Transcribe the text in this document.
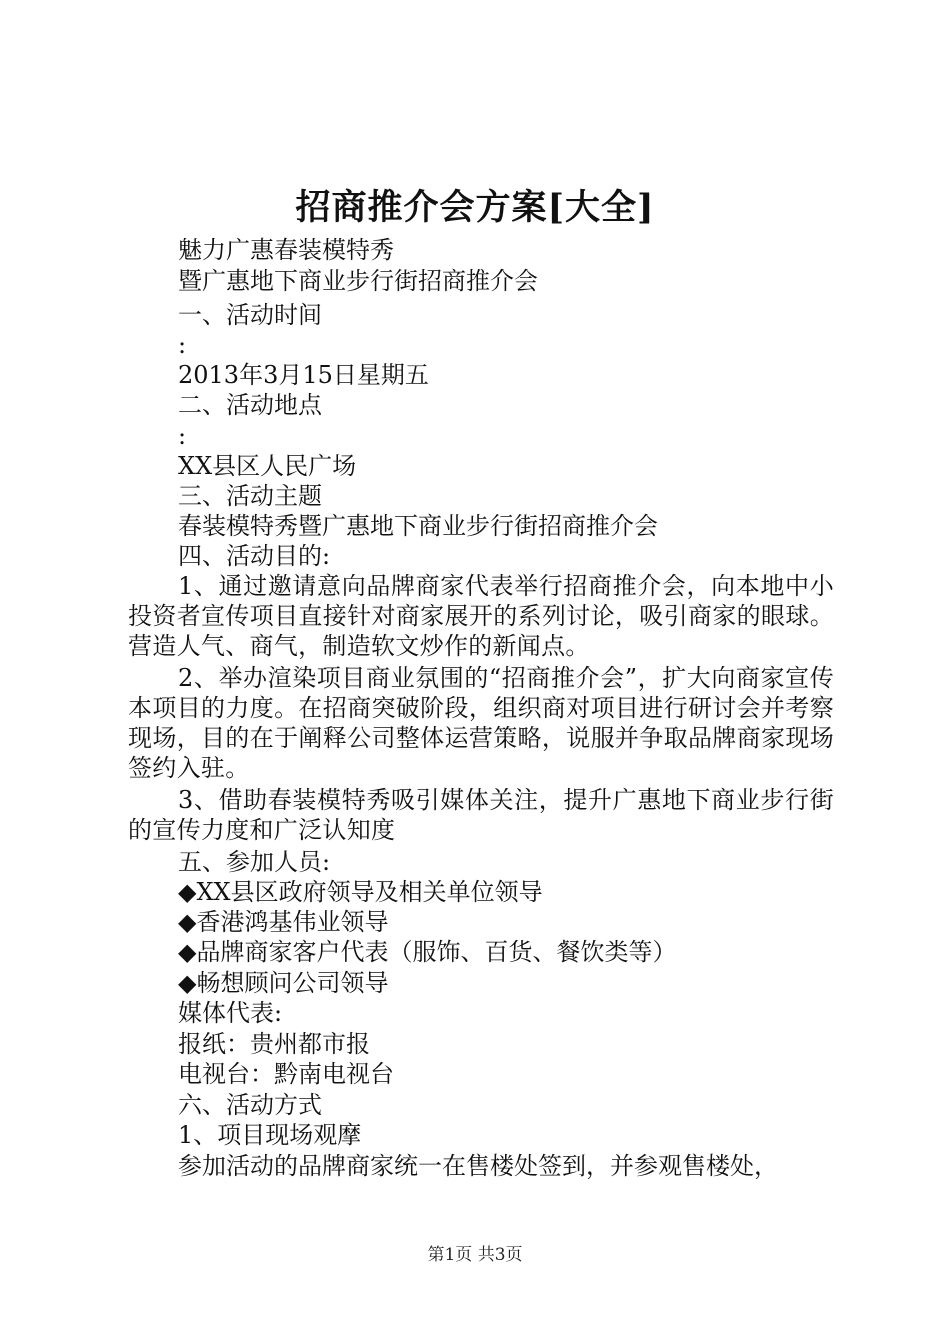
招商推介会方案[大全]
魅力广惠春装模特秀
暨广惠地下商业步行街招商推介会
一、活动时间
:
2013年3月15日星期五
二、活动地点
:
XX县区人民广场
三、活动主题
春装模特秀暨广惠地下商业步行街招商推介会
四、活动目的:
1、通过邀请意向品牌商家代表举行招商推介会，向本地中小投资者宣传项目直接针对商家展开的系列讨论，吸引商家的眼球。营造人气、商气，制造软文炒作的新闻点。
2、举办渲染项目商业氛围的“招商推介会”，扩大向商家宣传本项目的力度。在招商突破阶段，组织商对项目进行研讨会并考察现场，目的在于阐释公司整体运营策略，说服并争取品牌商家现场签约入驻。
3、借助春装模特秀吸引媒体关注，提升广惠地下商业步行街的宣传力度和广泛认知度
五、参加人员:
◆XX县区政府领导及相关单位领导
◆香港鸿基伟业领导
◆品牌商家客户代表（服饰、百货、餐饮类等）
◆畅想顾问公司领导
媒体代表:
报纸：贵州都市报
电视台：黔南电视台
六、活动方式
1、项目现场观摩
参加活动的品牌商家统一在售楼处签到，并参观售楼处，
第1页 共3页
